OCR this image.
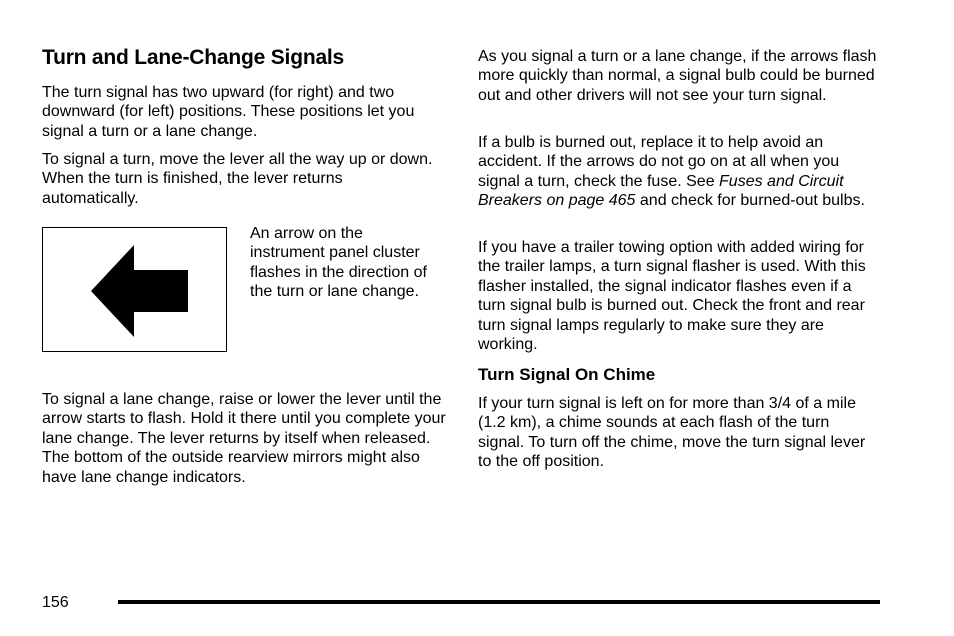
Turn and Lane-Change Signals

The turn signal has two upward (for right) and two downward (for left) positions. These positions let you signal a turn or a lane change.

To signal a turn, move the lever all the way up or down. When the turn is finished, the lever returns automatically.

An arrow on the instrument panel cluster flashes in the direction of the turn or lane change.

To signal a lane change, raise or lower the lever until the arrow starts to flash. Hold it there until you complete your lane change. The lever returns by itself when released. The bottom of the outside rearview mirrors might also have lane change indicators.

As you signal a turn or a lane change, if the arrows flash more quickly than normal, a signal bulb could be burned out and other drivers will not see your turn signal.

If a bulb is burned out, replace it to help avoid an accident. If the arrows do not go on at all when you signal a turn, check the fuse. See Fuses and Circuit Breakers on page 465 and check for burned-out bulbs.

If you have a trailer towing option with added wiring for the trailer lamps, a turn signal flasher is used. With this flasher installed, the signal indicator flashes even if a turn signal bulb is burned out. Check the front and rear turn signal lamps regularly to make sure they are working.

Turn Signal On Chime

If your turn signal is left on for more than 3/4 of a mile (1.2 km), a chime sounds at each flash of the turn signal. To turn off the chime, move the turn signal lever to the off position.

156
